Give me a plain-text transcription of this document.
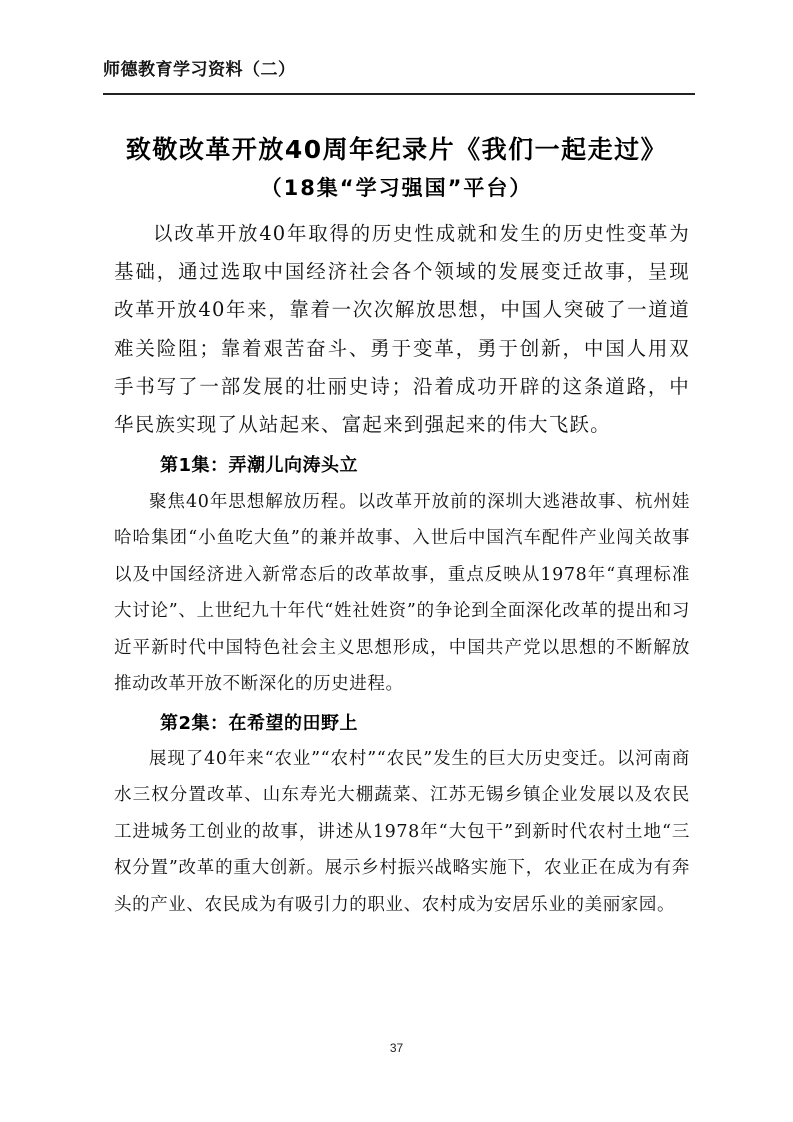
师德教育学习资料（二）
致敬改革开放40周年纪录片《我们一起走过》
（18集“学习强国”平台）

以改革开放40年取得的历史性成就和发生的历史性变革为基础，通过选取中国经济社会各个领域的发展变迁故事，呈现改革开放40年来，靠着一次次解放思想，中国人突破了一道道难关险阻；靠着艰苦奋斗、勇于变革，勇于创新，中国人用双手书写了一部发展的壮丽史诗；沿着成功开辟的这条道路，中华民族实现了从站起来、富起来到强起来的伟大飞跃。

第1集：弄潮儿向涛头立

聚焦40年思想解放历程。以改革开放前的深圳大逃港故事、杭州娃哈哈集团“小鱼吃大鱼”的兼并故事、入世后中国汽车配件产业闯关故事以及中国经济进入新常态后的改革故事，重点反映从1978年“真理标准大讨论”、上世纪九十年代“姓社姓资”的争论到全面深化改革的提出和习近平新时代中国特色社会主义思想形成，中国共产党以思想的不断解放推动改革开放不断深化的历史进程。

第2集：在希望的田野上

展现了40年来“农业”“农村”“农民”发生的巨大历史变迁。以河南商水三权分置改革、山东寿光大棚蔬菜、江苏无锡乡镇企业发展以及农民工进城务工创业的故事，讲述从1978年“大包干”到新时代农村土地“三权分置”改革的重大创新。展示乡村振兴战略实施下，农业正在成为有奔头的产业、农民成为有吸引力的职业、农村成为安居乐业的美丽家园。

37
